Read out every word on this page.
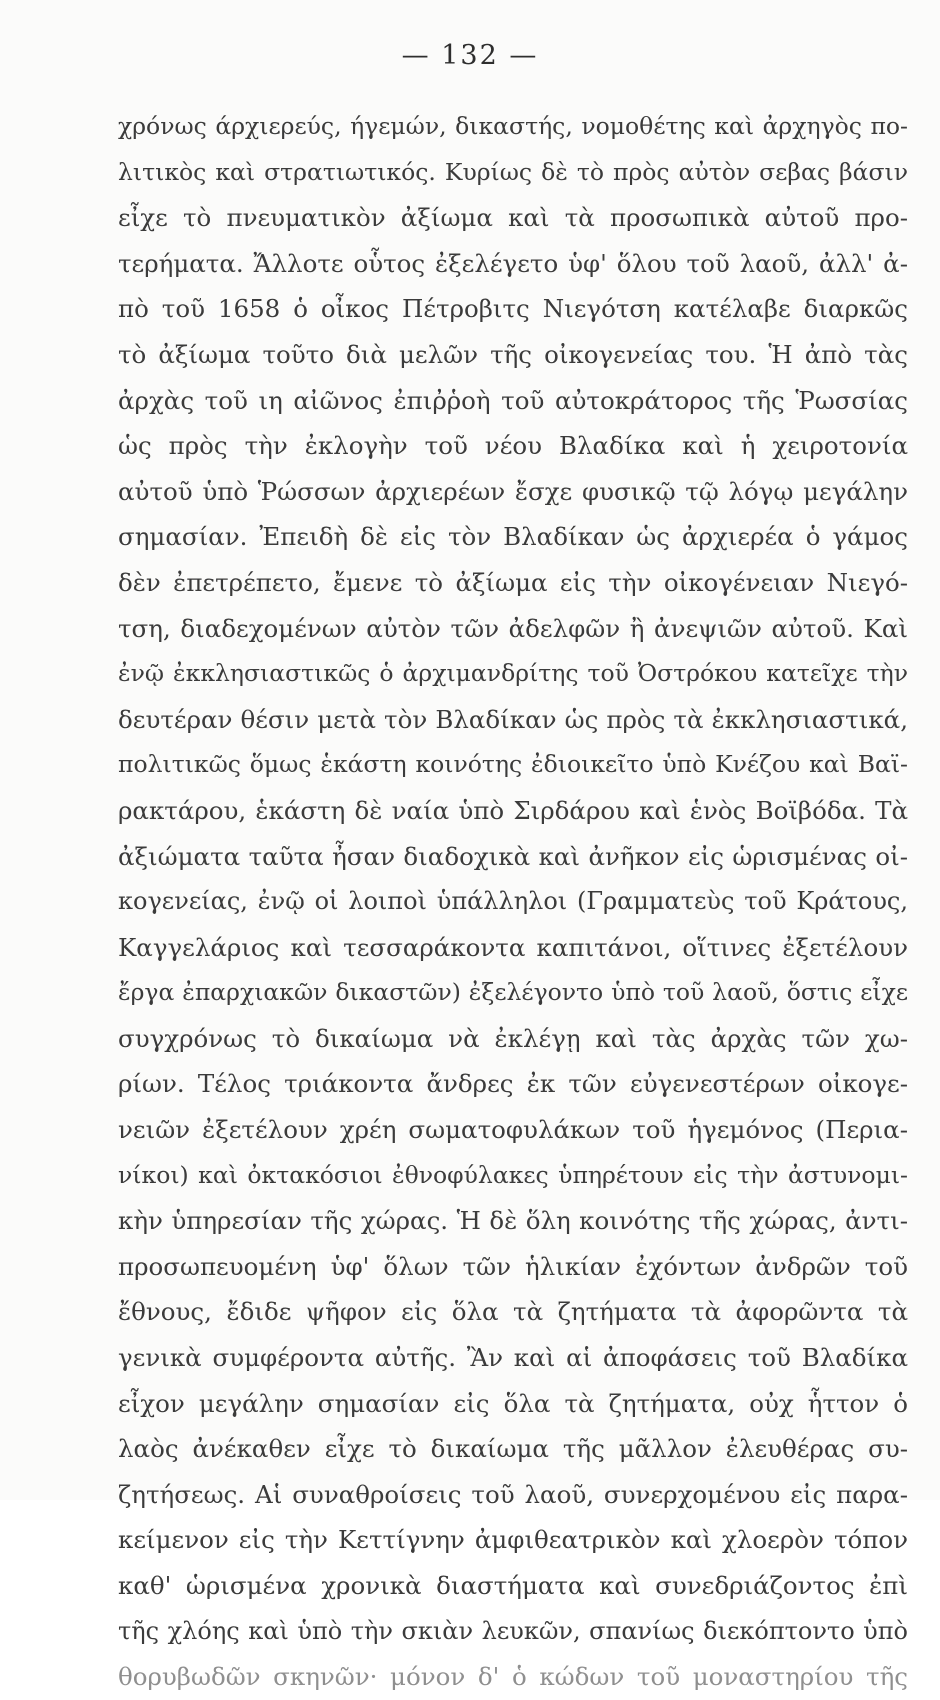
— 132 —
χρόνως άρχιερεύς, ήγεμών, δικαστής, νομοθέτης καὶ ἀρχηγὸς πο-
λιτικὸς καὶ στρατιωτικός. Κυρίως δὲ τὸ πρὸς αὐτὸν σεβας βάσιν
εἶχε τὸ πνευματικὸν ἀξίωμα καὶ τὰ προσωπικὰ αὐτοῦ προ-
τερήματα. Ἄλλοτε οὗτος ἐξελέγετο ὑφ' ὅλου τοῦ λαοῦ, ἀλλ' ἀ-
πὸ τοῦ 1658 ὁ οἶκος Πέτροβιτς Νιεγότση κατέλαβε διαρκῶς
τὸ ἀξίωμα τοῦτο διὰ μελῶν τῆς οἰκογενείας του. Ἡ ἀπὸ τὰς
ἀρχὰς τοῦ ιη αἰῶνος ἐπιῤῥοὴ τοῦ αὐτοκράτορος τῆς Ῥωσσίας
ὡς πρὸς τὴν ἐκλογὴν τοῦ νέου Βλαδίκα καὶ ἡ χειροτονία
αὐτοῦ ὑπὸ Ῥώσσων ἀρχιερέων ἔσχε φυσικῷ τῷ λόγῳ μεγάλην
σημασίαν. Ἐπειδὴ δὲ εἰς τὸν Βλαδίκαν ὡς ἀρχιερέα ὁ γάμος
δὲν ἐπετρέπετο, ἔμενε τὸ ἀξίωμα εἰς τὴν οἰκογένειαν Νιεγό-
τση, διαδεχομένων αὐτὸν τῶν ἀδελφῶν ἢ ἀνεψιῶν αὐτοῦ. Καὶ
ἐνῷ ἐκκλησιαστικῶς ὁ ἀρχιμανδρίτης τοῦ Ὀστρόκου κατεῖχε τὴν
δευτέραν θέσιν μετὰ τὸν Βλαδίκαν ὡς πρὸς τὰ ἐκκλησιαστικά,
πολιτικῶς ὅμως ἑκάστη κοινότης ἐδιοικεῖτο ὑπὸ Κνέζου καὶ Βαϊ-
ρακτάρου, ἑκάστη δὲ ναία ὑπὸ Σιρδάρου καὶ ἑνὸς Βοϊβόδα. Τὰ
ἀξιώματα ταῦτα ἦσαν διαδοχικὰ καὶ ἀνῆκον εἰς ὡρισμένας οἰ-
κογενείας, ἐνῷ οἱ λοιποὶ ὑπάλληλοι (Γραμματεὺς τοῦ Κράτους,
Καγγελάριος καὶ τεσσαράκοντα καπιτάνοι, οἵτινες ἐξετέλουν
ἔργα ἐπαρχιακῶν δικαστῶν) ἐξελέγοντο ὑπὸ τοῦ λαοῦ, ὅστις εἶχε
συγχρόνως τὸ δικαίωμα νὰ ἐκλέγῃ καὶ τὰς ἀρχὰς τῶν χω-
ρίων. Τέλος τριάκοντα ἄνδρες ἐκ τῶν εὐγενεστέρων οἰκογε-
νειῶν ἐξετέλουν χρέη σωματοφυλάκων τοῦ ἡγεμόνος (Περια-
νίκοι) καὶ ὀκτακόσιοι ἐθνοφύλακες ὑπηρέτουν εἰς τὴν ἀστυνομι-
κὴν ὑπηρεσίαν τῆς χώρας. Ἡ δὲ ὅλη κοινότης τῆς χώρας, ἀντι-
προσωπευομένη ὑφ' ὅλων τῶν ἡλικίαν ἐχόντων ἀνδρῶν τοῦ
ἔθνους, ἔδιδε ψῆφον εἰς ὅλα τὰ ζητήματα τὰ ἀφορῶντα τὰ
γενικὰ συμφέροντα αὐτῆς. Ἂν καὶ αἱ ἀποφάσεις τοῦ Βλαδίκα
εἶχον μεγάλην σημασίαν εἰς ὅλα τὰ ζητήματα, οὐχ ἧττον ὁ
λαὸς ἀνέκαθεν εἶχε τὸ δικαίωμα τῆς μᾶλλον ἐλευθέρας συ-
ζητήσεως. Αἱ συναθροίσεις τοῦ λαοῦ, συνερχομένου εἰς παρα-
κείμενον εἰς τὴν Κεττίγνην ἀμφιθεατρικὸν καὶ χλοερὸν τόπον
καθ' ὡρισμένα χρονικὰ διαστήματα καὶ συνεδριάζοντος ἐπὶ
τῆς χλόης καὶ ὑπὸ τὴν σκιὰν λευκῶν, σπανίως διεκόπτοντο ὑπὸ
θορυβωδῶν σκηνῶν· μόνον δ' ὁ κώδων τοῦ μοναστηρίου τῆς
